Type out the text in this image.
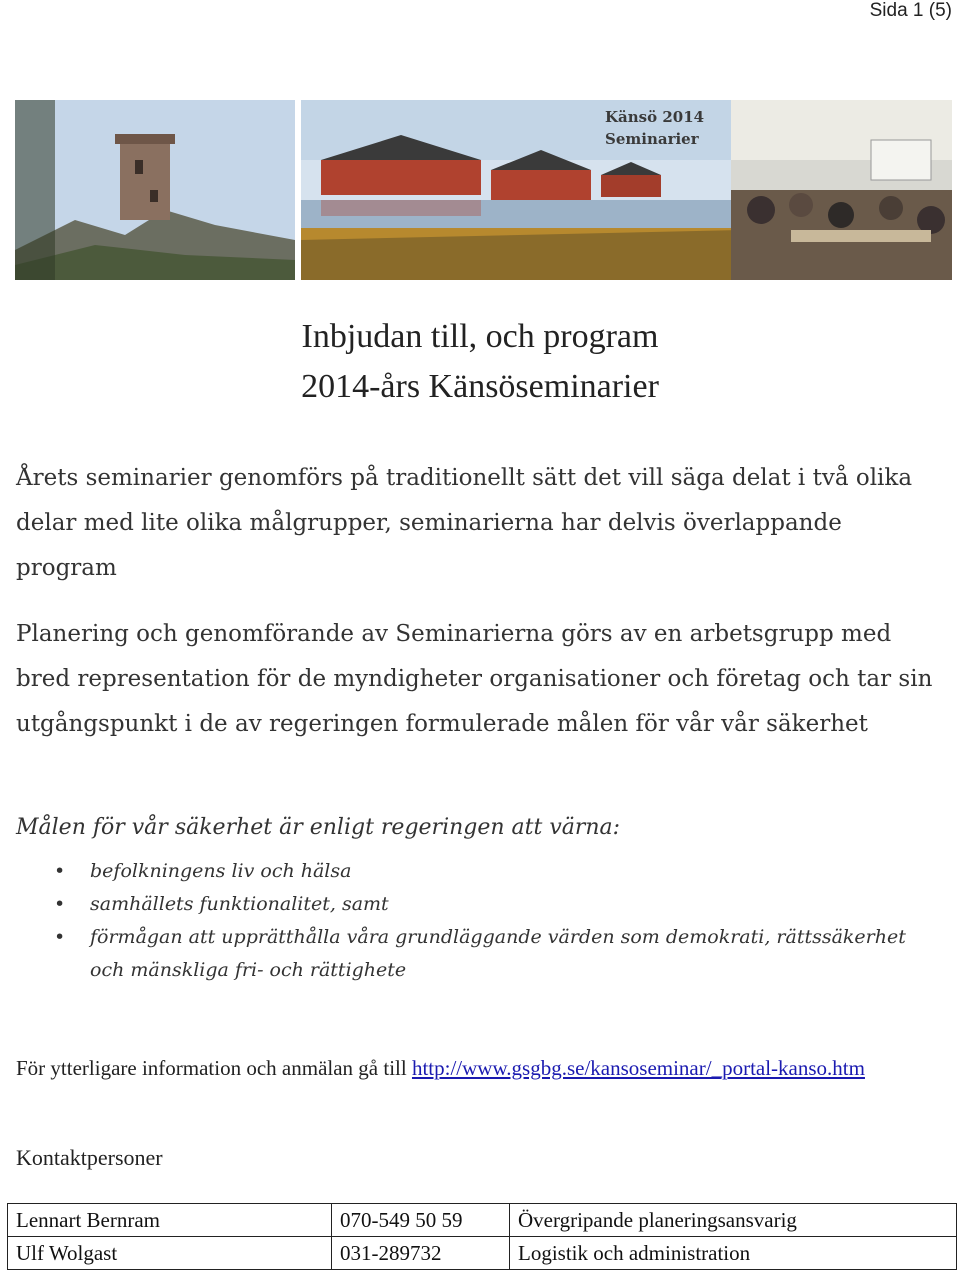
Sida 1 (5)
Känsö 2014
Seminarier
Inbjudan till, och program
2014-års Känsöseminarier

Årets seminarier genomförs på traditionellt sätt det vill säga delat i två olika delar med lite olika målgrupper, seminarierna har delvis överlappande program

Planering och genomförande av Seminarierna görs av en arbetsgrupp med bred representation för de myndigheter organisationer och företag och tar sin utgångspunkt i de av regeringen formulerade målen för vår vår säkerhet

Målen för vår säkerhet är enligt regeringen att värna:
• befolkningens liv och hälsa
• samhällets funktionalitet, samt
• förmågan att upprätthålla våra grundläggande värden som demokrati, rättssäkerhet och mänskliga fri- och rättighete
För ytterligare information och anmälan gå till http://www.gsgbg.se/kansoseminar/_portal-kanso.htm
Kontaktpersoner
Lennart Bernram	070-549 50 59	Övergripande planeringsansvarig
Ulf Wolgast	031-289732	Logistik och administration
